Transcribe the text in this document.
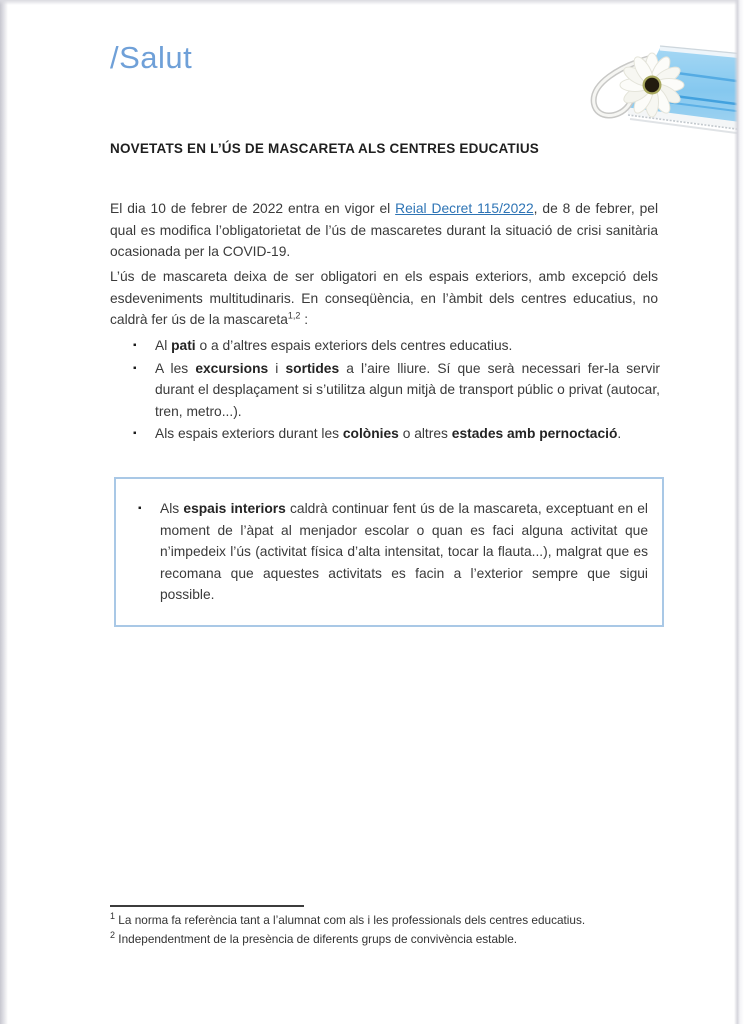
/Salut
NOVETATS EN L’ÚS DE MASCARETA ALS CENTRES EDUCATIUS

El dia 10 de febrer de 2022 entra en vigor el Reial Decret 115/2022, de 8 de febrer, pel qual es modifica l’obligatorietat de l’ús de mascaretes durant la situació de crisi sanitària ocasionada per la COVID-19.

L’ús de mascareta deixa de ser obligatori en els espais exteriors, amb excepció dels esdeveniments multitudinaris. En conseqüència, en l’àmbit dels centres educatius, no caldrà fer ús de la mascareta$^{1,2}$ :

▪ Al pati o a d’altres espais exteriors dels centres educatius.
▪ A les excursions i sortides a l’aire lliure. Sí que serà necessari fer-la servir durant el desplaçament si s’utilitza algun mitjà de transport públic o privat (autocar, tren, metro...).
▪ Als espais exteriors durant les colònies o altres estades amb pernoctació.
▪ Als espais interiors caldrà continuar fent ús de la mascareta, exceptuant en el moment de l’àpat al menjador escolar o quan es faci alguna activitat que n’impedeix l’ús (activitat física d’alta intensitat, tocar la flauta...), malgrat que es recomana que aquestes activitats es facin a l’exterior sempre que sigui possible.

$^1$ La norma fa referència tant a l’alumnat com als i les professionals dels centres educatius.

$^2$ Independentment de la presència de diferents grups de convivència estable.
